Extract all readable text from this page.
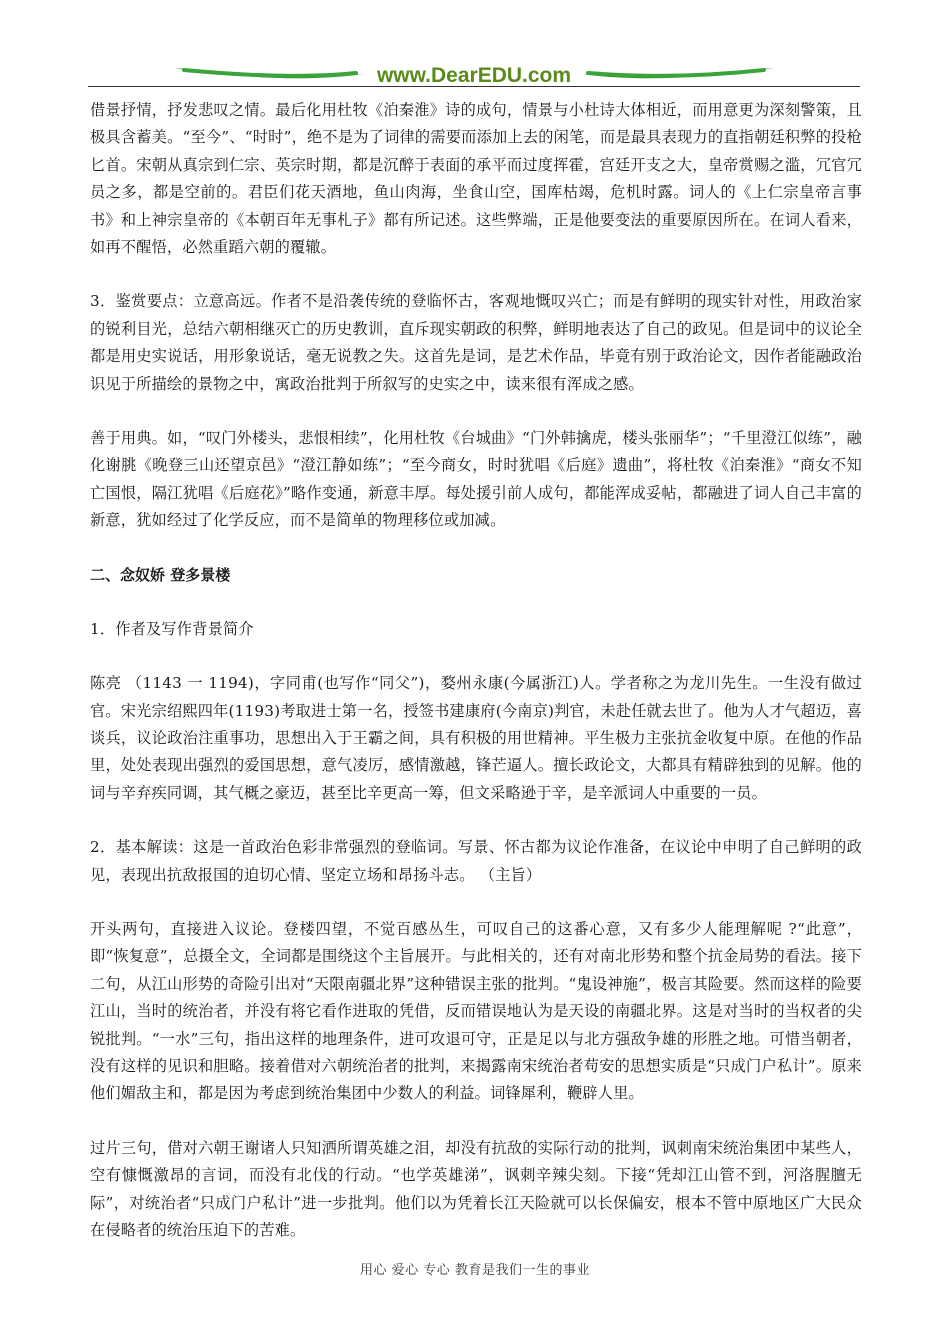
www.DearEDU.com

借景抒情，抒发悲叹之情。最后化用杜牧《泊秦淮》诗的成句，情景与小杜诗大体相近，而用意更为深刻警策，且极具含蓄美。“至今”、“时时”，绝不是为了词律的需要而添加上去的闲笔，而是最具表现力的直指朝廷积弊的投枪匕首。宋朝从真宗到仁宗、英宗时期，都是沉醉于表面的承平而过度挥霍，宫廷开支之大，皇帝赏赐之滥，冗官冗员之多，都是空前的。君臣们花天酒地，鱼山肉海，坐食山空，国库枯竭，危机时露。词人的《上仁宗皇帝言事书》和上神宗皇帝的《本朝百年无事札子》都有所记述。这些弊端，正是他要变法的重要原因所在。在词人看来，如再不醒悟，必然重蹈六朝的覆辙。

3．鉴赏要点：立意高远。作者不是沿袭传统的登临怀古，客观地慨叹兴亡；而是有鲜明的现实针对性，用政治家的锐利目光，总结六朝相继灭亡的历史教训，直斥现实朝政的积弊，鲜明地表达了自己的政见。但是词中的议论全都是用史实说话，用形象说话，毫无说教之失。这首先是词，是艺术作品，毕竟有别于政治论文，因作者能融政治识见于所描绘的景物之中，寓政治批判于所叙写的史实之中，读来很有浑成之感。

善于用典。如，“叹门外楼头，悲恨相续”，化用杜牧《台城曲》“门外韩擒虎，楼头张丽华”；“千里澄江似练”，融化谢朓《晚登三山还望京邑》“澄江静如练”；“至今商女，时时犹唱《后庭》遗曲”，将杜牧《泊秦淮》“商女不知亡国恨，隔江犹唱《后庭花》”略作变通，新意丰厚。每处援引前人成句，都能浑成妥帖，都融进了词人自己丰富的新意，犹如经过了化学反应，而不是简单的物理移位或加减。

二、念奴娇 登多景楼

1．作者及写作背景简介

陈亮 （1143 一 1194)，字同甫(也写作“同父”)，婺州永康(今属浙江)人。学者称之为龙川先生。一生没有做过官。宋光宗绍熙四年(1193)考取进士第一名，授签书建康府(今南京)判官，未赴任就去世了。他为人才气超迈，喜谈兵，议论政治注重事功，思想出入于王霸之间，具有积极的用世精神。平生极力主张抗金收复中原。在他的作品里，处处表现出强烈的爱国思想，意气凌厉，感情激越，锋芒逼人。擅长政论文，大都具有精辟独到的见解。他的词与辛弃疾同调，其气概之豪迈，甚至比辛更高一筹，但文采略逊于辛，是辛派词人中重要的一员。

2．基本解读：这是一首政治色彩非常强烈的登临词。写景、怀古都为议论作准备，在议论中申明了自己鲜明的政见，表现出抗敌报国的迫切心情、坚定立场和昂扬斗志。 （主旨）

开头两句，直接进入议论。登楼四望，不觉百感丛生，可叹自己的这番心意，又有多少人能理解呢 ?“此意”，即“恢复意”，总摄全文，全词都是围绕这个主旨展开。与此相关的，还有对南北形势和整个抗金局势的看法。接下二句，从江山形势的奇险引出对“天限南疆北界”这种错误主张的批判。“鬼设神施”，极言其险要。然而这样的险要江山，当时的统治者，并没有将它看作进取的凭借，反而错误地认为是天设的南疆北界。这是对当时的当权者的尖锐批判。“一水”三句，指出这样的地理条件，进可攻退可守，正是足以与北方强敌争雄的形胜之地。可惜当朝者，没有这样的见识和胆略。接着借对六朝统治者的批判，来揭露南宋统治者苟安的思想实质是“只成门户私计”。原来他们媚敌主和，都是因为考虑到统治集团中少数人的利益。词锋犀利，鞭辟人里。

过片三句，借对六朝王谢诸人只知洒所谓英雄之泪，却没有抗敌的实际行动的批判，讽刺南宋统治集团中某些人，空有慷慨激昂的言词，而没有北伐的行动。“也学英雄涕”，讽刺辛辣尖刻。下接“凭却江山管不到，河洛腥膻无际”，对统治者“只成门户私计”进一步批判。他们以为凭着长江天险就可以长保偏安，根本不管中原地区广大民众在侵略者的统治压迫下的苦难。

用心 爱心 专心 教育是我们一生的事业
